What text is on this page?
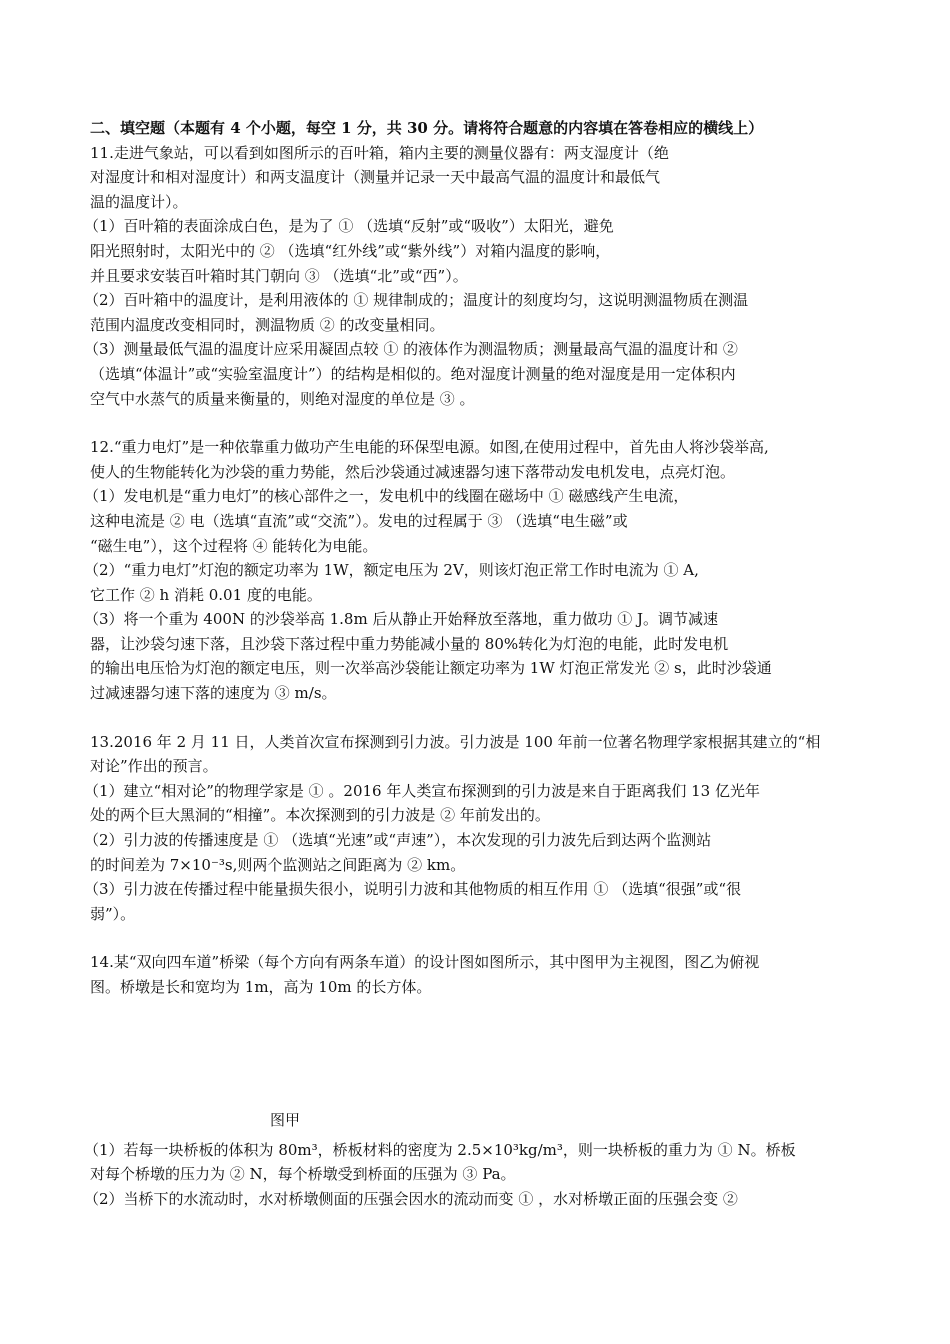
二、填空题（本题有 4 个小题，每空 1 分，共 30 分。请将符合题意的内容填在答卷相应的横线上）

11.走进气象站，可以看到如图所示的百叶箱，箱内主要的测量仪器有：两支湿度计（绝

对湿度计和相对湿度计）和两支温度计（测量并记录一天中最高气温的温度计和最低气

温的温度计）。

（1）百叶箱的表面涂成白色，是为了 ① （选填“反射”或“吸收”）太阳光，避免

阳光照射时，太阳光中的 ② （选填“红外线”或“紫外线”）对箱内温度的影响，

并且要求安装百叶箱时其门朝向 ③ （选填“北”或“西”）。

（2）百叶箱中的温度计，是利用液体的 ① 规律制成的；温度计的刻度均匀，这说明测温物质在测温

范围内温度改变相同时，测温物质 ② 的改变量相同。

（3）测量最低气温的温度计应采用凝固点较 ① 的液体作为测温物质；测量最高气温的温度计和 ②

（选填“体温计”或“实验室温度计”）的结构是相似的。绝对湿度计测量的绝对湿度是用一定体积内

空气中水蒸气的质量来衡量的，则绝对湿度的单位是 ③ 。

12.“重力电灯”是一种依靠重力做功产生电能的环保型电源。如图,在使用过程中，首先由人将沙袋举高,

使人的生物能转化为沙袋的重力势能，然后沙袋通过减速器匀速下落带动发电机发电，点亮灯泡。

（1）发电机是“重力电灯”的核心部件之一，发电机中的线圈在磁场中 ① 磁感线产生电流，

这种电流是 ② 电（选填“直流”或“交流”）。发电的过程属于 ③ （选填“电生磁”或

“磁生电”），这个过程将 ④ 能转化为电能。

（2）“重力电灯”灯泡的额定功率为 1W，额定电压为 2V，则该灯泡正常工作时电流为 ① A,

它工作 ② h 消耗 0.01 度的电能。

（3）将一个重为 400N 的沙袋举高 1.8m 后从静止开始释放至落地，重力做功 ① J。调节减速

器，让沙袋匀速下落，且沙袋下落过程中重力势能减小量的 80%转化为灯泡的电能，此时发电机

的输出电压恰为灯泡的额定电压，则一次举高沙袋能让额定功率为 1W 灯泡正常发光 ② s，此时沙袋通

过减速器匀速下落的速度为 ③ m/s。

13.2016 年 2 月 11 日，人类首次宣布探测到引力波。引力波是 100 年前一位著名物理学家根据其建立的“相

对论”作出的预言。

（1）建立“相对论”的物理学家是 ① 。2016 年人类宣布探测到的引力波是来自于距离我们 13 亿光年

处的两个巨大黑洞的“相撞”。本次探测到的引力波是 ② 年前发出的。

（2）引力波的传播速度是 ① （选填“光速”或“声速”），本次发现的引力波先后到达两个监测站

的时间差为 7×10⁻³s,则两个监测站之间距离为 ② km。

（3）引力波在传播过程中能量损失很小，说明引力波和其他物质的相互作用 ① （选填“很强”或“很

弱”）。

14.某“双向四车道”桥梁（每个方向有两条车道）的设计图如图所示，其中图甲为主视图，图乙为俯视

图。桥墩是长和宽均为 1m，高为 10m 的长方体。

图甲

（1）若每一块桥板的体积为 80m³，桥板材料的密度为 2.5×10³kg/m³，则一块桥板的重力为 ① N。桥板

对每个桥墩的压力为 ② N，每个桥墩受到桥面的压强为 ③ Pa。

（2）当桥下的水流动时，水对桥墩侧面的压强会因水的流动而变 ① ，水对桥墩正面的压强会变 ②
